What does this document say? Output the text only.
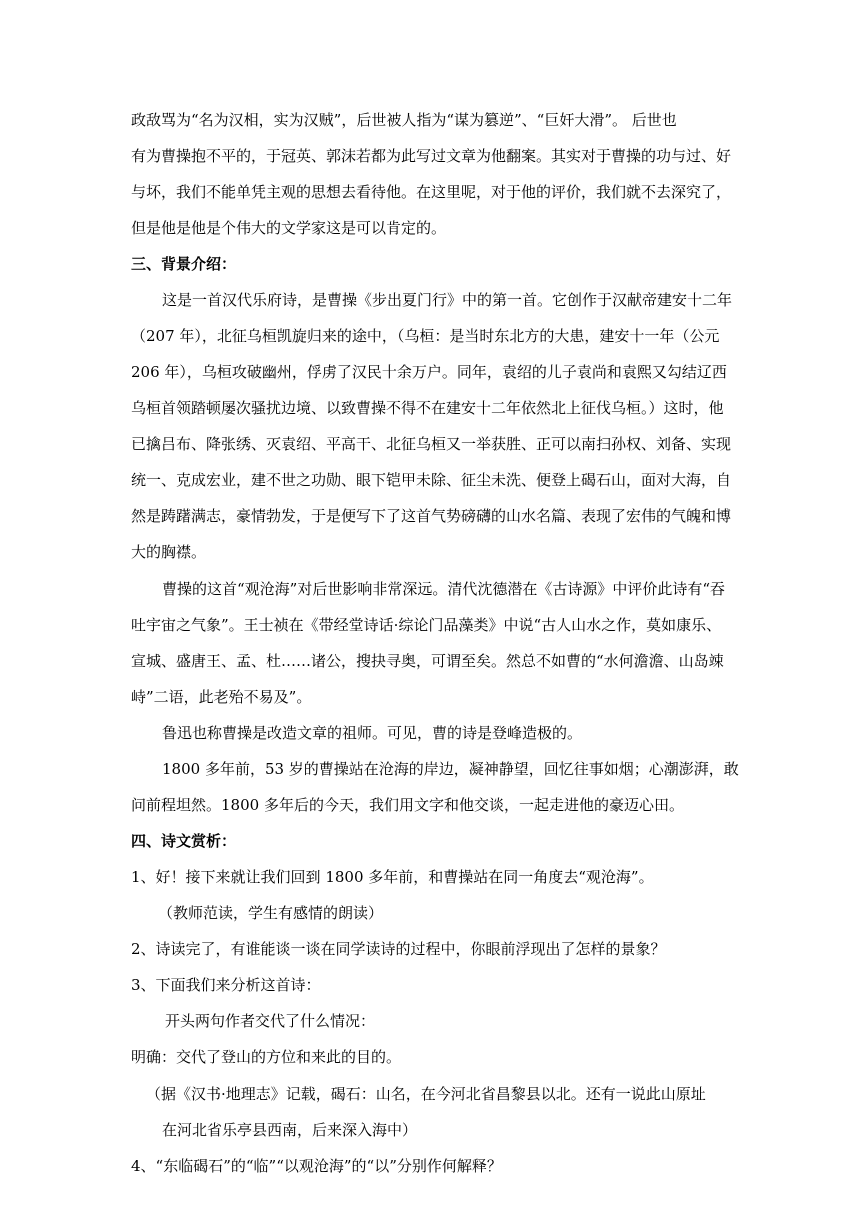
政敌骂为“名为汉相，实为汉贼”，后世被人指为“谋为篡逆”、“巨奸大滑”。 后世也
有为曹操抱不平的，于冠英、郭沫若都为此写过文章为他翻案。其实对于曹操的功与过、好
与坏，我们不能单凭主观的思想去看待他。在这里呢，对于他的评价，我们就不去深究了，
但是他是他是个伟大的文学家这是可以肯定的。
三、背景介绍：
这是一首汉代乐府诗，是曹操《步出夏门行》中的第一首。它创作于汉献帝建安十二年
（207 年），北征乌桓凯旋归来的途中，（乌桓：是当时东北方的大患，建安十一年（公元
206 年），乌桓攻破幽州，俘虏了汉民十余万户。同年，袁绍的儿子袁尚和袁熙又勾结辽西
乌桓首领踏顿屡次骚扰边境、以致曹操不得不在建安十二年依然北上征伐乌桓。）这时，他
已擒吕布、降张绣、灭袁绍、平高干、北征乌桓又一举获胜、正可以南扫孙权、刘备、实现
统一、克成宏业，建不世之功勋、眼下铠甲未除、征尘未洗、便登上碣石山，面对大海，自
然是踌躇满志，豪情勃发，于是便写下了这首气势磅礴的山水名篇、表现了宏伟的气魄和博
大的胸襟。
曹操的这首“观沧海”对后世影响非常深远。清代沈德潜在《古诗源》中评价此诗有“吞
吐宇宙之气象”。王士祯在《带经堂诗话·综论门品藻类》中说“古人山水之作，莫如康乐、
宣城、盛唐王、孟、杜……诸公，搜抉寻奥，可谓至矣。然总不如曹的“水何澹澹、山岛竦
峙”二语，此老殆不易及”。
鲁迅也称曹操是改造文章的祖师。可见，曹的诗是登峰造极的。
1800 多年前，53 岁的曹操站在沧海的岸边，凝神静望，回忆往事如烟；心潮澎湃，敢
问前程坦然。1800 多年后的今天，我们用文字和他交谈，一起走进他的豪迈心田。
四、诗文赏析：
1、好！接下来就让我们回到 1800 多年前，和曹操站在同一角度去“观沧海”。
（教师范读，学生有感情的朗读）
2、诗读完了，有谁能谈一谈在同学读诗的过程中，你眼前浮现出了怎样的景象？
3、下面我们来分析这首诗：
开头两句作者交代了什么情况：
明确：交代了登山的方位和来此的目的。
（据《汉书·地理志》记载，碣石：山名，在今河北省昌黎县以北。还有一说此山原址
在河北省乐亭县西南，后来深入海中）
4、“东临碣石”的“临”“以观沧海”的“以”分别作何解释？
